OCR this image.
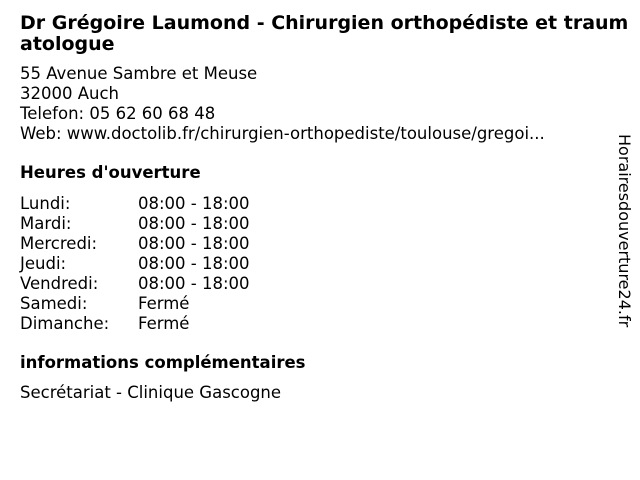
Dr Grégoire Laumond - Chirurgien orthopédiste et traumatologue
55 Avenue Sambre et Meuse
32000 Auch
Telefon: 05 62 60 68 48
Web: www.doctolib.fr/chirurgien-orthopediste/toulouse/gregoi...
Heures d'ouverture
Lundi:	08:00 - 18:00
Mardi:	08:00 - 18:00
Mercredi: 08:00 - 18:00
Jeudi:	08:00 - 18:00
Vendredi: 08:00 - 18:00
Samedi:	Fermé
Dimanche: Fermé
informations complémentaires
Secrétariat - Clinique Gascogne
Horairesdouverture24.fr
